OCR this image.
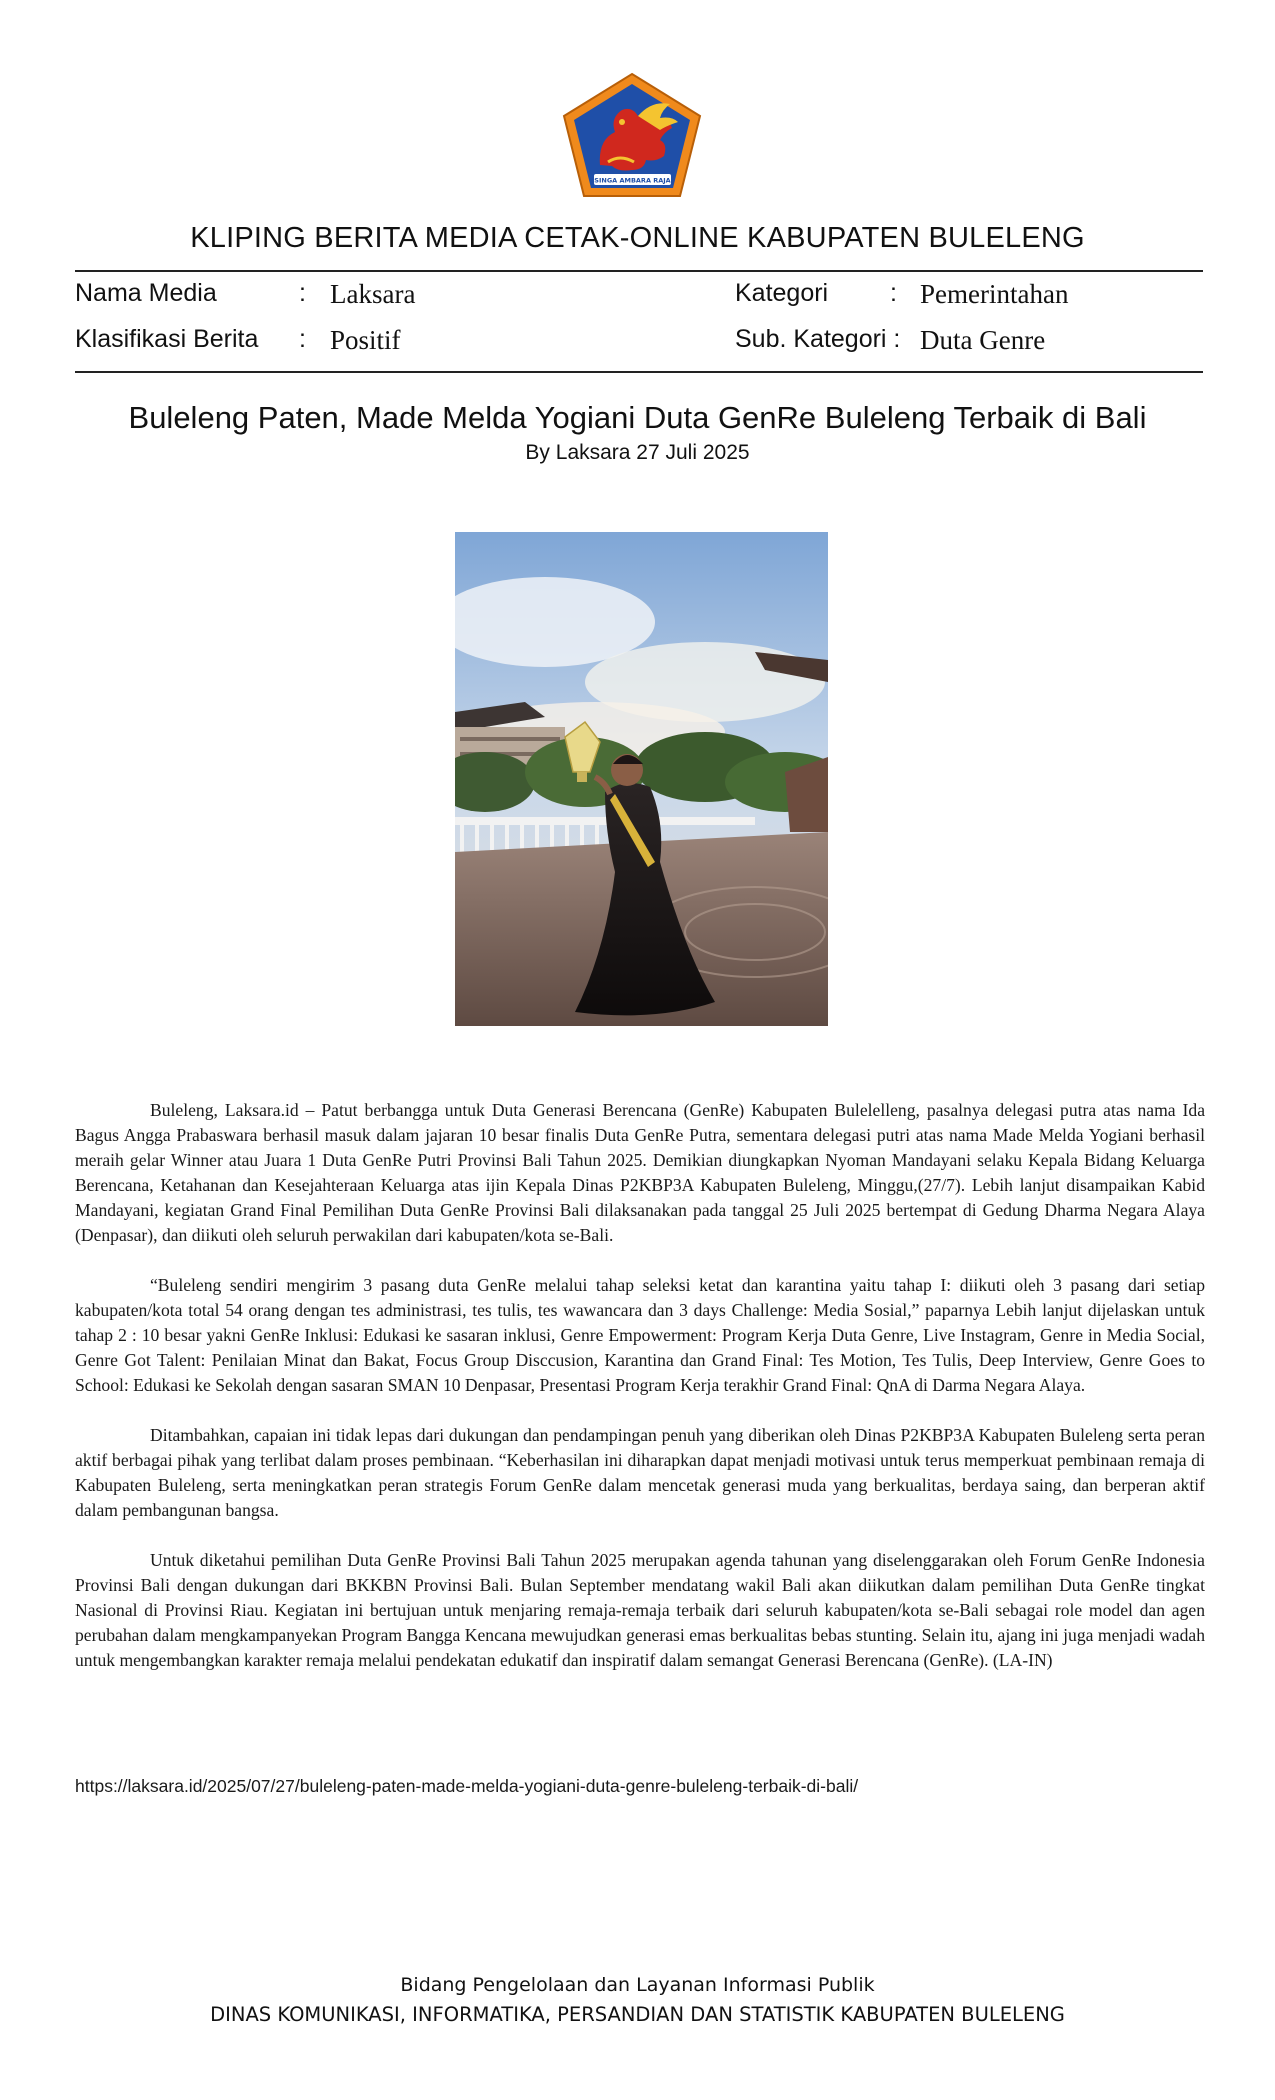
SINGA AMBARA RAJA
KLIPING BERITA MEDIA CETAK-ONLINE KABUPATEN BULELENG
Nama Media	: Laksara
Klasifikasi Berita : Positif
Kategori : Pemerintahan
Sub. Kategori : Duta Genre
Buleleng Paten, Made Melda Yogiani Duta GenRe Buleleng Terbaik di Bali
By Laksara 27 Juli 2025

Buleleng, Laksara.id – Patut berbangga untuk Duta Generasi Berencana (GenRe) Kabupaten Bulelelleng, pasalnya delegasi putra atas nama Ida Bagus Angga Prabaswara berhasil masuk dalam jajaran 10 besar finalis Duta GenRe Putra, sementara delegasi putri atas nama Made Melda Yogiani berhasil meraih gelar Winner atau Juara 1 Duta GenRe Putri Provinsi Bali Tahun 2025. Demikian diungkapkan Nyoman Mandayani selaku Kepala Bidang Keluarga Berencana, Ketahanan dan Kesejahteraan Keluarga atas ijin Kepala Dinas P2KBP3A Kabupaten Buleleng, Minggu,(27/7). Lebih lanjut disampaikan Kabid Mandayani, kegiatan Grand Final Pemilihan Duta GenRe Provinsi Bali dilaksanakan pada tanggal 25 Juli 2025 bertempat di Gedung Dharma Negara Alaya (Denpasar), dan diikuti oleh seluruh perwakilan dari kabupaten/kota se-Bali.

“Buleleng sendiri mengirim 3 pasang duta GenRe melalui tahap seleksi ketat dan karantina yaitu tahap I: diikuti oleh 3 pasang dari setiap kabupaten/kota total 54 orang dengan tes administrasi, tes tulis, tes wawancara dan 3 days Challenge: Media Sosial,” paparnya Lebih lanjut dijelaskan untuk tahap 2 : 10 besar yakni GenRe Inklusi: Edukasi ke sasaran inklusi, Genre Empowerment: Program Kerja Duta Genre, Live Instagram, Genre in Media Social, Genre Got Talent: Penilaian Minat dan Bakat, Focus Group Disccusion, Karantina dan Grand Final: Tes Motion, Tes Tulis, Deep Interview, Genre Goes to School: Edukasi ke Sekolah dengan sasaran SMAN 10 Denpasar, Presentasi Program Kerja terakhir Grand Final: QnA di Darma Negara Alaya.

Ditambahkan, capaian ini tidak lepas dari dukungan dan pendampingan penuh yang diberikan oleh Dinas P2KBP3A Kabupaten Buleleng serta peran aktif berbagai pihak yang terlibat dalam proses pembinaan. “Keberhasilan ini diharapkan dapat menjadi motivasi untuk terus memperkuat pembinaan remaja di Kabupaten Buleleng, serta meningkatkan peran strategis Forum GenRe dalam mencetak generasi muda yang berkualitas, berdaya saing, dan berperan aktif dalam pembangunan bangsa.

Untuk diketahui pemilihan Duta GenRe Provinsi Bali Tahun 2025 merupakan agenda tahunan yang diselenggarakan oleh Forum GenRe Indonesia Provinsi Bali dengan dukungan dari BKKBN Provinsi Bali. Bulan September mendatang wakil Bali akan diikutkan dalam pemilihan Duta GenRe tingkat Nasional di Provinsi Riau. Kegiatan ini bertujuan untuk menjaring remaja-remaja terbaik dari seluruh kabupaten/kota se-Bali sebagai role model dan agen perubahan dalam mengkampanyekan Program Bangga Kencana mewujudkan generasi emas berkualitas bebas stunting. Selain itu, ajang ini juga menjadi wadah untuk mengembangkan karakter remaja melalui pendekatan edukatif dan inspiratif dalam semangat Generasi Berencana (GenRe). (LA-IN)

https://laksara.id/2025/07/27/buleleng-paten-made-melda-yogiani-duta-genre-buleleng-terbaik-di-bali/
Bidang Pengelolaan dan Layanan Informasi Publik
DINAS KOMUNIKASI, INFORMATIKA, PERSANDIAN DAN STATISTIK KABUPATEN BULELENG
